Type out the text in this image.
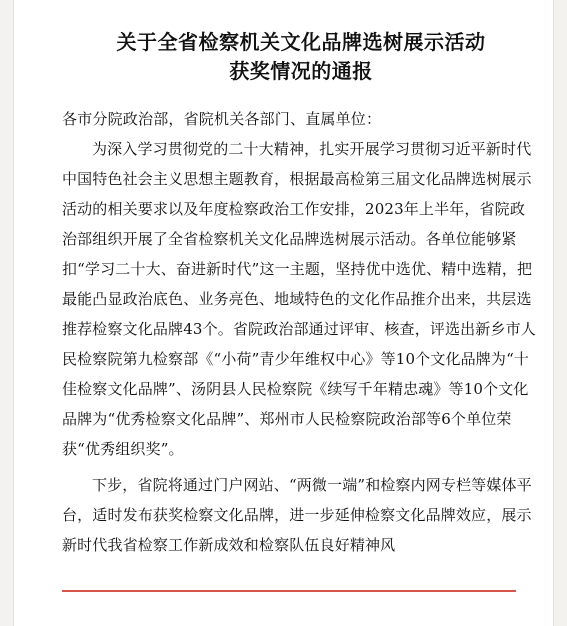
关于全省检察机关文化品牌选树展示活动
获奖情况的通报

各市分院政治部，省院机关各部门、直属单位：

为深入学习贯彻党的二十大精神，扎实开展学习贯彻习近平新时代中国特色社会主义思想主题教育，根据最高检第三届文化品牌选树展示活动的相关要求以及年度检察政治工作安排，2023年上半年，省院政治部组织开展了全省检察机关文化品牌选树展示活动。各单位能够紧扣“学习二十大、奋进新时代”这一主题，坚持优中选优、精中选精，把最能凸显政治底色、业务亮色、地域特色的文化作品推介出来，共层选推荐检察文化品牌43个。省院政治部通过评审、核查，评选出新乡市人民检察院第九检察部《“小荷”青少年维权中心》等10个文化品牌为“十佳检察文化品牌”、汤阴县人民检察院《续写千年精忠魂》等10个文化品牌为“优秀检察文化品牌”、郑州市人民检察院政治部等6个单位荣获“优秀组织奖”。

下步，省院将通过门户网站、“两微一端”和检察内网专栏等媒体平台，适时发布获奖检察文化品牌，进一步延伸检察文化品牌效应，展示新时代我省检察工作新成效和检察队伍良好精神风
